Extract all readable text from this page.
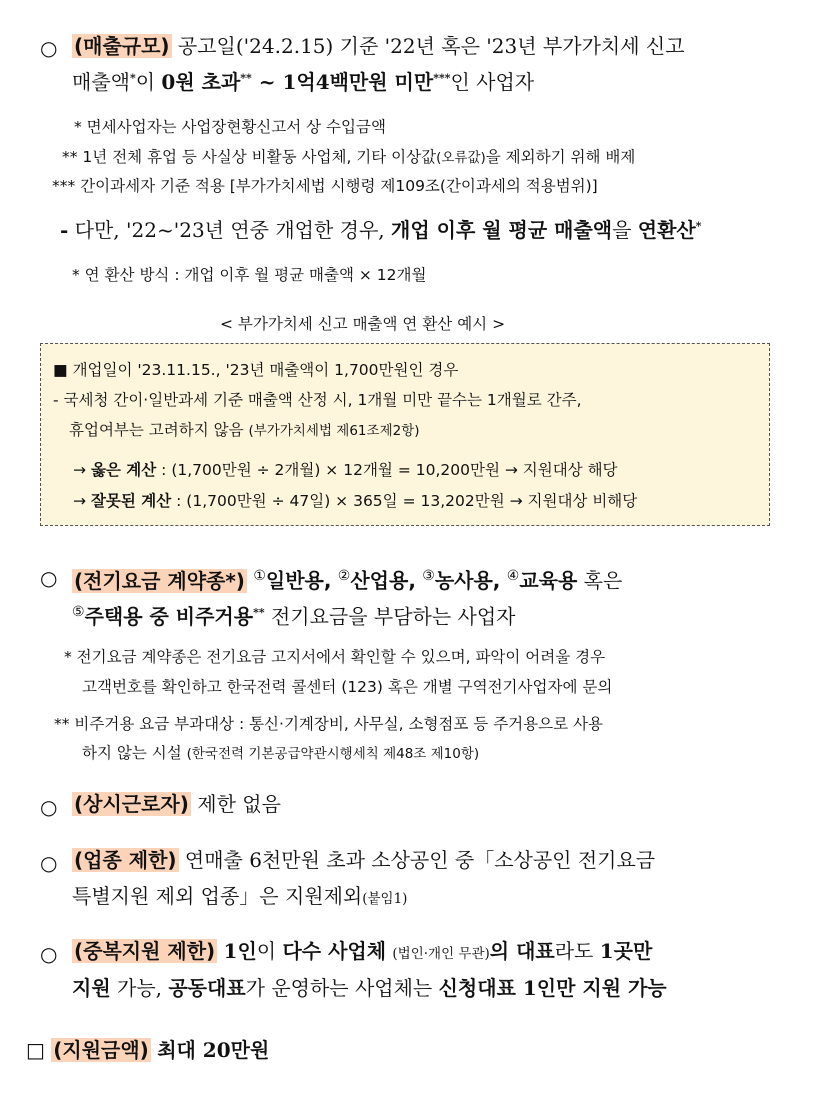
○ (매출규모) 공고일('24.2.15) 기준 '22년 혹은 '23년 부가가치세 신고
매출액*이 0원 초과** ~ 1억4백만원 미만***인 사업자
* 면세사업자는 사업장현황신고서 상 수입금액
** 1년 전체 휴업 등 사실상 비활동 사업체, 기타 이상값(오류값)을 제외하기 위해 배제
*** 간이과세자 기준 적용 [부가가치세법 시행령 제109조(간이과세의 적용범위)]
- 다만, '22~'23년 연중 개업한 경우, 개업 이후 월 평균 매출액을 연환산*
* 연 환산 방식 : 개업 이후 월 평균 매출액 × 12개월
< 부가가치세 신고 매출액 연 환산 예시 >
■ 개업일이 '23.11.15., '23년 매출액이 1,700만원인 경우
- 국세청 간이·일반과세 기준 매출액 산정 시, 1개월 미만 끝수는 1개월로 간주,
휴업여부는 고려하지 않음 (부가가치세법 제61조제2항)
→ 옳은 계산 : (1,700만원 ÷ 2개월) × 12개월 = 10,200만원 → 지원대상 해당
→ 잘못된 계산 : (1,700만원 ÷ 47일) × 365일 = 13,202만원 → 지원대상 비해당
○ (전기요금 계약종*) ①일반용, ②산업용, ③농사용, ④교육용 혹은
⑤주택용 중 비주거용** 전기요금을 부담하는 사업자
* 전기요금 계약종은 전기요금 고지서에서 확인할 수 있으며, 파악이 어려울 경우
고객번호를 확인하고 한국전력 콜센터 (123) 혹은 개별 구역전기사업자에 문의
** 비주거용 요금 부과대상 : 통신·기계장비, 사무실, 소형점포 등 주거용으로 사용
하지 않는 시설 (한국전력 기본공급약관시행세칙 제48조 제10항)
○ (상시근로자) 제한 없음
○ (업종 제한) 연매출 6천만원 초과 소상공인 중「소상공인 전기요금
특별지원 제외 업종」은 지원제외(붙임1)
○ (중복지원 제한) 1인이 다수 사업체 (법인·개인 무관)의 대표라도 1곳만
지원 가능, 공동대표가 운영하는 사업체는 신청대표 1인만 지원 가능
□ (지원금액) 최대 20만원
